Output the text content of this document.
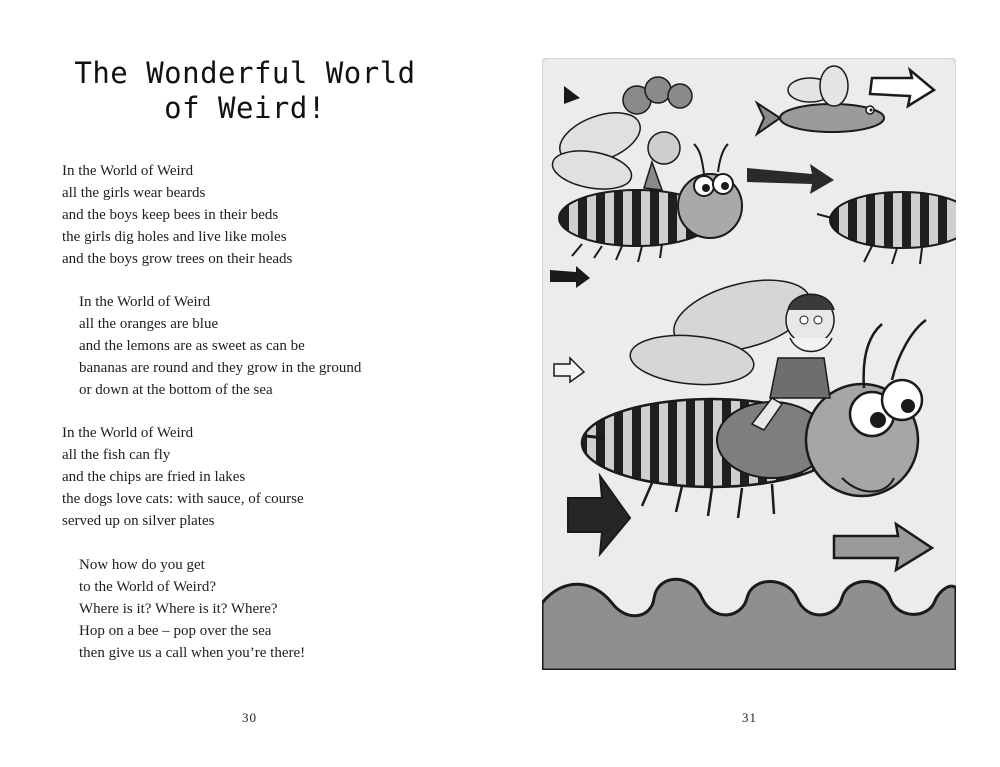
The Wonderful World
of Weird!
In the World of Weird
all the girls wear beards
and the boys keep bees in their beds
the girls dig holes and live like moles
and the boys grow trees on their heads
In the World of Weird
all the oranges are blue
and the lemons are as sweet as can be
bananas are round and they grow in the ground
or down at the bottom of the sea
In the World of Weird
all the fish can fly
and the chips are fried in lakes
the dogs love cats: with sauce, of course
served up on silver plates
Now how do you get
to the World of Weird?
Where is it? Where is it? Where?
Hop on a bee – pop over the sea
then give us a call when you’re there!
30	31
